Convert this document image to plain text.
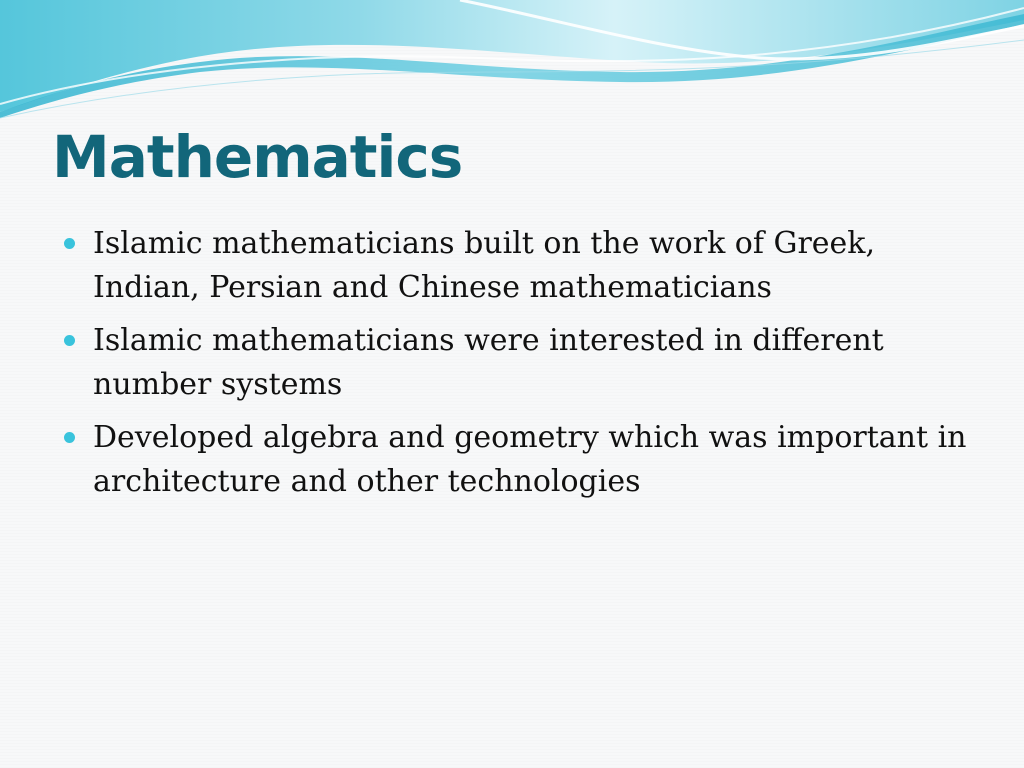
Mathematics
Islamic mathematicians built on the work of Greek, Indian, Persian and Chinese mathematicians
Islamic mathematicians were interested in different number systems
Developed algebra and geometry which was important in architecture and other technologies
